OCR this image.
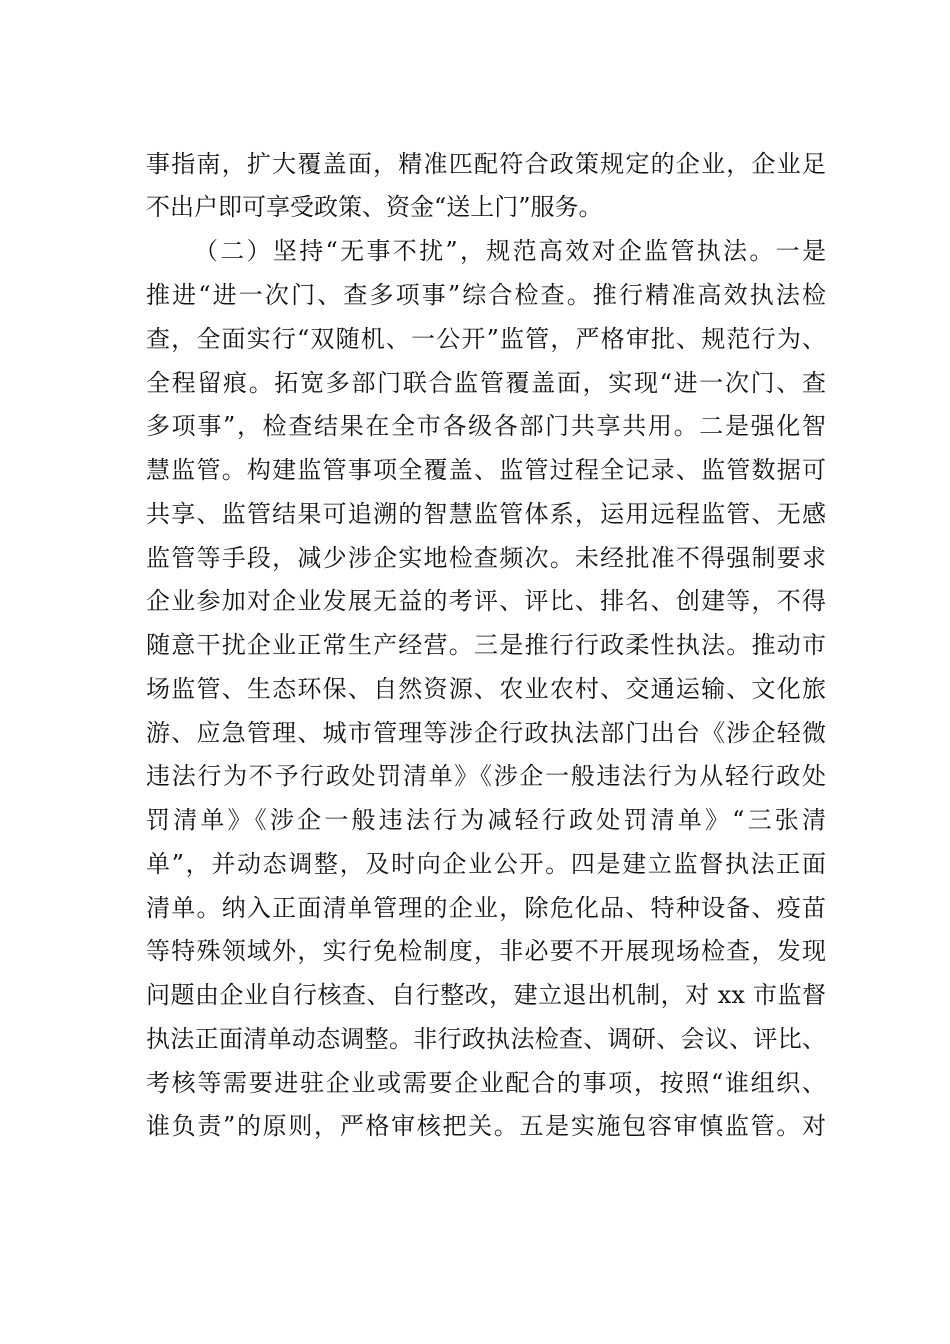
事指南，扩大覆盖面，精准匹配符合政策规定的企业，企业足
不出户即可享受政策、资金“送上门”服务。
（二）坚持“无事不扰”，规范高效对企监管执法。一是
推进“进一次门、查多项事”综合检查。推行精准高效执法检
查，全面实行“双随机、一公开”监管，严格审批、规范行为、
全程留痕。拓宽多部门联合监管覆盖面，实现“进一次门、查
多项事”，检查结果在全市各级各部门共享共用。二是强化智
慧监管。构建监管事项全覆盖、监管过程全记录、监管数据可
共享、监管结果可追溯的智慧监管体系，运用远程监管、无感
监管等手段，减少涉企实地检查频次。未经批准不得强制要求
企业参加对企业发展无益的考评、评比、排名、创建等，不得
随意干扰企业正常生产经营。三是推行行政柔性执法。推动市
场监管、生态环保、自然资源、农业农村、交通运输、文化旅
游、应急管理、城市管理等涉企行政执法部门出台《涉企轻微
违法行为不予行政处罚清单》《涉企一般违法行为从轻行政处
罚清单》《涉企一般违法行为减轻行政处罚清单》“三张清
单”，并动态调整，及时向企业公开。四是建立监督执法正面
清单。纳入正面清单管理的企业，除危化品、特种设备、疫苗
等特殊领域外，实行免检制度，非必要不开展现场检查，发现
问题由企业自行核查、自行整改，建立退出机制，对 xx 市监督
执法正面清单动态调整。非行政执法检查、调研、会议、评比、
考核等需要进驻企业或需要企业配合的事项，按照“谁组织、
谁负责”的原则，严格审核把关。五是实施包容审慎监管。对
